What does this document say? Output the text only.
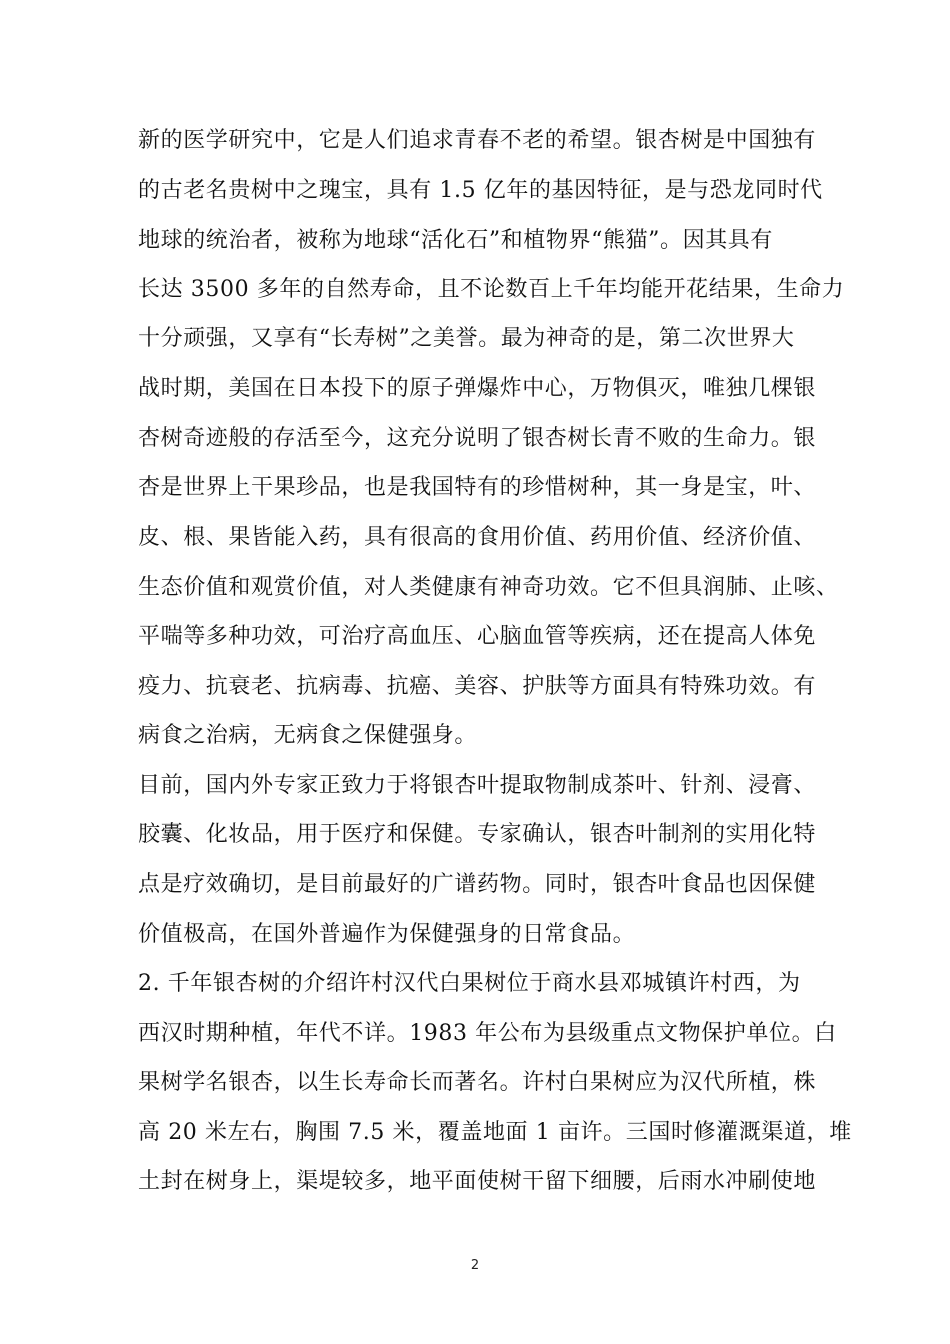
新的医学研究中，它是人们追求青春不老的希望。银杏树是中国独有
的古老名贵树中之瑰宝，具有 1.5 亿年的基因特征，是与恐龙同时代
地球的统治者，被称为地球“活化石”和植物界“熊猫”。因其具有
长达 3500 多年的自然寿命，且不论数百上千年均能开花结果，生命力
十分顽强，又享有“长寿树”之美誉。最为神奇的是，第二次世界大
战时期，美国在日本投下的原子弹爆炸中心，万物俱灭，唯独几棵银
杏树奇迹般的存活至今，这充分说明了银杏树长青不败的生命力。银
杏是世界上干果珍品，也是我国特有的珍惜树种，其一身是宝，叶、
皮、根、果皆能入药，具有很高的食用价值、药用价值、经济价值、
生态价值和观赏价值，对人类健康有神奇功效。它不但具润肺、止咳、
平喘等多种功效，可治疗高血压、心脑血管等疾病，还在提高人体免
疫力、抗衰老、抗病毒、抗癌、美容、护肤等方面具有特殊功效。有
病食之治病，无病食之保健强身。
目前，国内外专家正致力于将银杏叶提取物制成茶叶、针剂、浸膏、
胶囊、化妆品，用于医疗和保健。专家确认，银杏叶制剂的实用化特
点是疗效确切，是目前最好的广谱药物。同时，银杏叶食品也因保健
价值极高，在国外普遍作为保健强身的日常食品。
2. 千年银杏树的介绍许村汉代白果树位于商水县邓城镇许村西，为
西汉时期种植，年代不详。1983 年公布为县级重点文物保护单位。白
果树学名银杏，以生长寿命长而著名。许村白果树应为汉代所植，株
高 20 米左右，胸围 7.5 米，覆盖地面 1 亩许。三国时修灌溉渠道，堆
土封在树身上，渠堤较多，地平面使树干留下细腰，后雨水冲刷使地
2
